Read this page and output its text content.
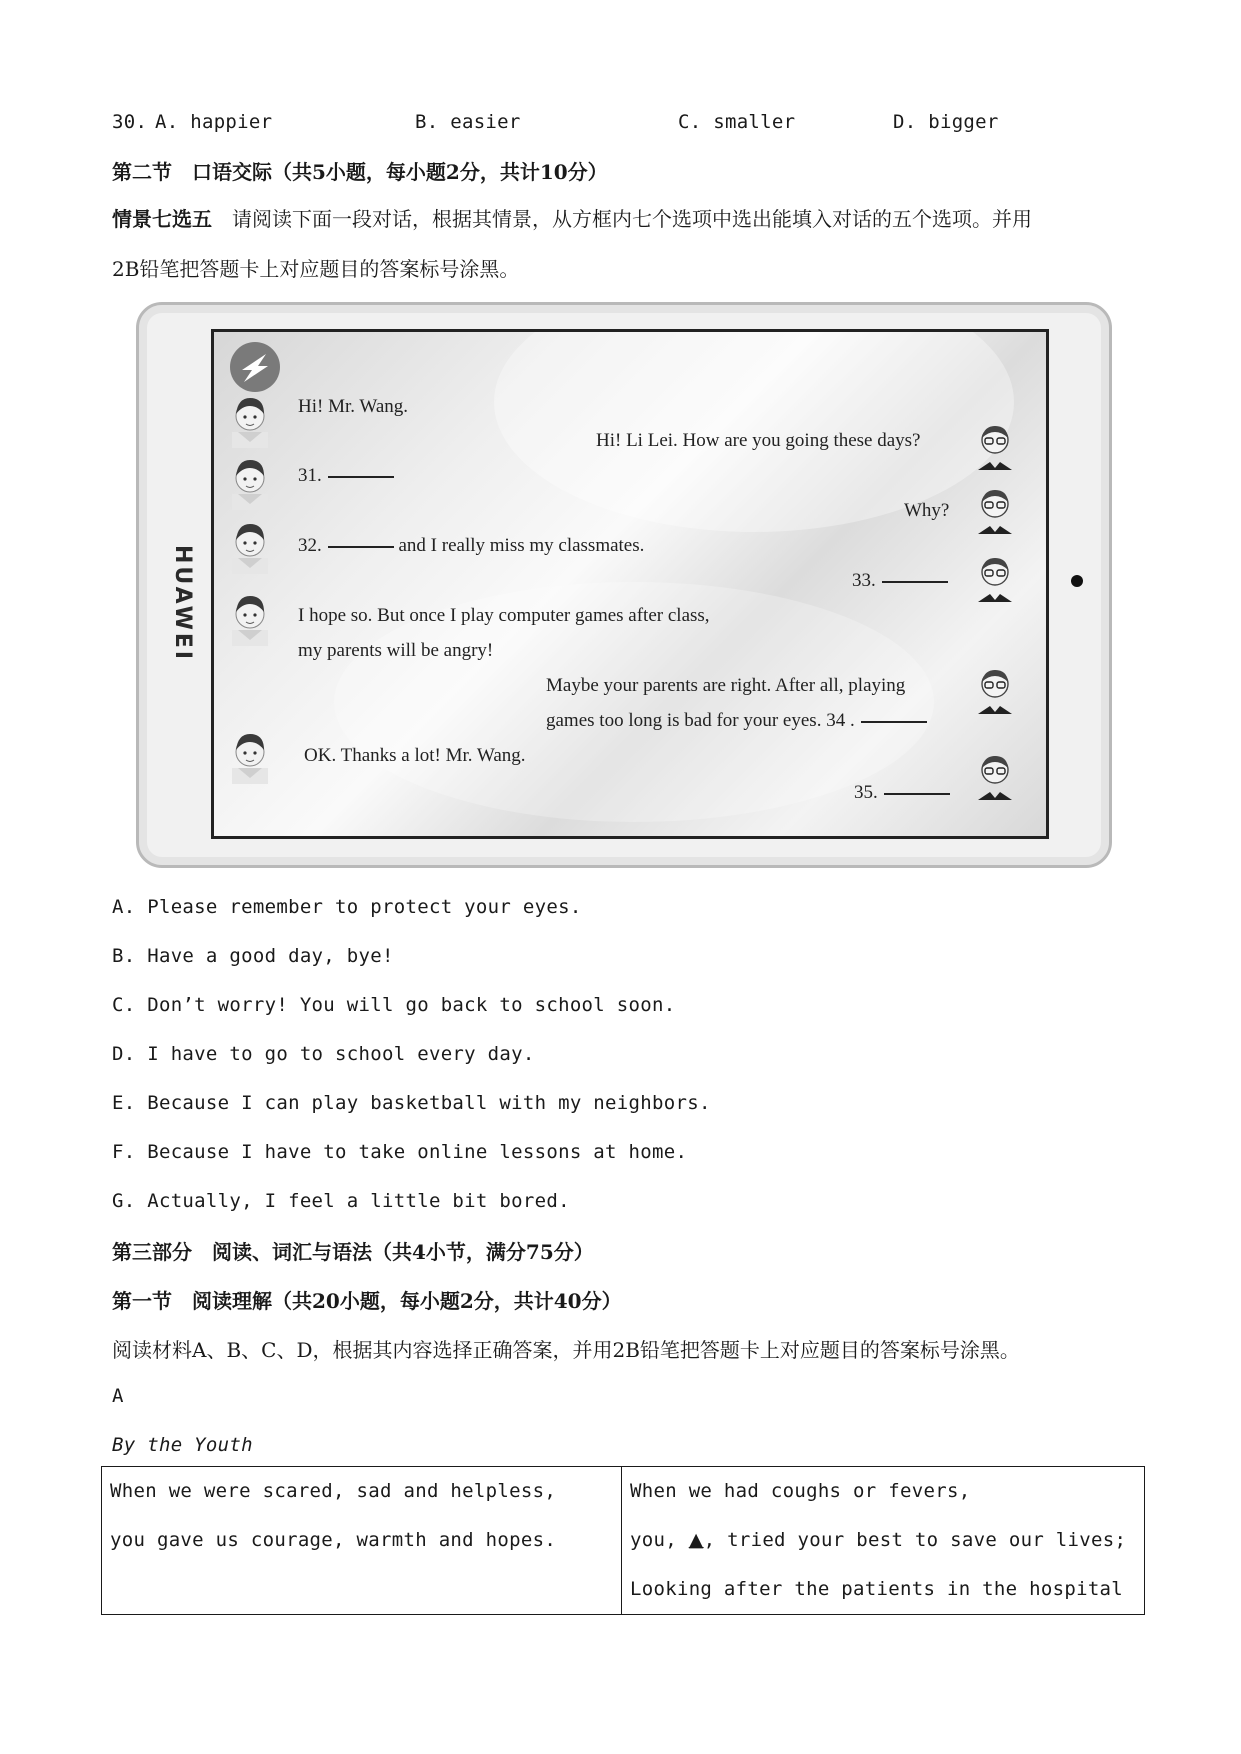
30. A. happier	B. easier	C. smaller	D. bigger
第二节　口语交际（共5小题，每小题2分，共计10分）
情景七选五　请阅读下面一段对话，根据其情景，从方框内七个选项中选出能填入对话的五个选项。并用
2B铅笔把答题卡上对应题目的答案标号涂黑。
HUAWEI
Hi! Mr. Wang.
Hi! Li Lei. How are you going these days?
31.
Why?
32.	and I really miss my classmates.
33.
I hope so. But once I play computer games after class,
my parents will be angry!
Maybe your parents are right. After all, playing
games too long is bad for your eyes. 34 .
OK. Thanks a lot! Mr. Wang.
35.
A. Please remember to protect your eyes.
B. Have a good day, bye!
C. Don’t worry! You will go back to school soon.
D. I have to go to school every day.
E. Because I can play basketball with my neighbors.
F. Because I have to take online lessons at home.
G. Actually, I feel a little bit bored.
第三部分　阅读、词汇与语法（共4小节，满分75分）
第一节　阅读理解（共20小题，每小题2分，共计40分）
阅读材料A、B、C、D，根据其内容选择正确答案，并用2B铅笔把答题卡上对应题目的答案标号涂黑。
A
By the Youth
When we were scared, sad and helpless,
you gave us courage, warmth and hopes.

When we had coughs or fevers,
you, ▲, tried your best to save our lives;
Looking after the patients in the hospital
